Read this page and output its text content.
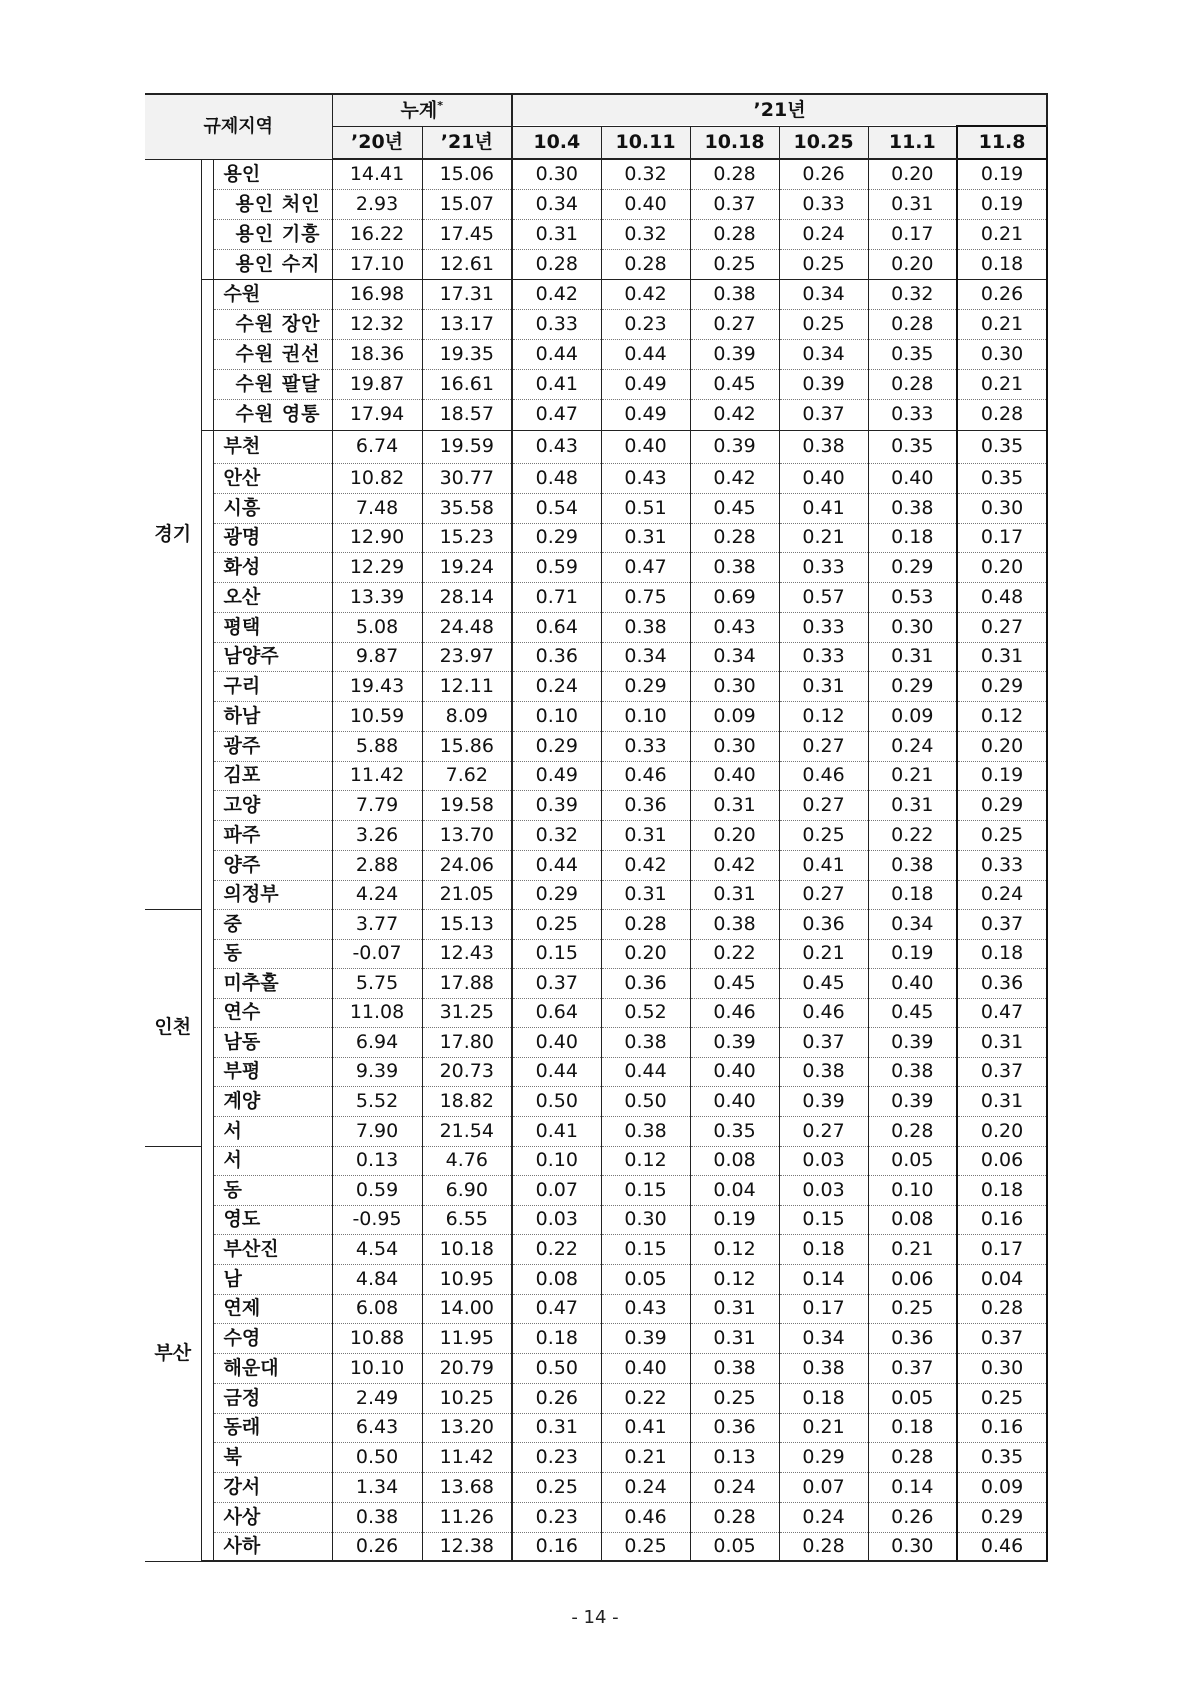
규제지역			누계*		’21년					
			’20년	’21년	10.4	10.11	10.18	10.25	11.1	11.8
경기		용인	14.41	15.06	0.30	0.32	0.28	0.26	0.20	0.19
		용인 처인	2.93	15.07	0.34	0.40	0.37	0.33	0.31	0.19
		용인 기흥	16.22	17.45	0.31	0.32	0.28	0.24	0.17	0.21
		용인 수지	17.10	12.61	0.28	0.28	0.25	0.25	0.20	0.18
		수원	16.98	17.31	0.42	0.42	0.38	0.34	0.32	0.26
		수원 장안	12.32	13.17	0.33	0.23	0.27	0.25	0.28	0.21
		수원 권선	18.36	19.35	0.44	0.44	0.39	0.34	0.35	0.30
		수원 팔달	19.87	16.61	0.41	0.49	0.45	0.39	0.28	0.21
		수원 영통	17.94	18.57	0.47	0.49	0.42	0.37	0.33	0.28
		부천	6.74	19.59	0.43	0.40	0.39	0.38	0.35	0.35
		안산	10.82	30.77	0.48	0.43	0.42	0.40	0.40	0.35
		시흥	7.48	35.58	0.54	0.51	0.45	0.41	0.38	0.30
		광명	12.90	15.23	0.29	0.31	0.28	0.21	0.18	0.17
		화성	12.29	19.24	0.59	0.47	0.38	0.33	0.29	0.20
		오산	13.39	28.14	0.71	0.75	0.69	0.57	0.53	0.48
		평택	5.08	24.48	0.64	0.38	0.43	0.33	0.30	0.27
		남양주	9.87	23.97	0.36	0.34	0.34	0.33	0.31	0.31
		구리	19.43	12.11	0.24	0.29	0.30	0.31	0.29	0.29
		하남	10.59	8.09	0.10	0.10	0.09	0.12	0.09	0.12
		광주	5.88	15.86	0.29	0.33	0.30	0.27	0.24	0.20
		김포	11.42	7.62	0.49	0.46	0.40	0.46	0.21	0.19
		고양	7.79	19.58	0.39	0.36	0.31	0.27	0.31	0.29
		파주	3.26	13.70	0.32	0.31	0.20	0.25	0.22	0.25
		양주	2.88	24.06	0.44	0.42	0.42	0.41	0.38	0.33
		의정부	4.24	21.05	0.29	0.31	0.31	0.27	0.18	0.24
인천		중	3.77	15.13	0.25	0.28	0.38	0.36	0.34	0.37
		동	-0.07	12.43	0.15	0.20	0.22	0.21	0.19	0.18
		미추홀	5.75	17.88	0.37	0.36	0.45	0.45	0.40	0.36
		연수	11.08	31.25	0.64	0.52	0.46	0.46	0.45	0.47
		남동	6.94	17.80	0.40	0.38	0.39	0.37	0.39	0.31
		부평	9.39	20.73	0.44	0.44	0.40	0.38	0.38	0.37
		계양	5.52	18.82	0.50	0.50	0.40	0.39	0.39	0.31
		서	7.90	21.54	0.41	0.38	0.35	0.27	0.28	0.20
부산		서	0.13	4.76	0.10	0.12	0.08	0.03	0.05	0.06
		동	0.59	6.90	0.07	0.15	0.04	0.03	0.10	0.18
		영도	-0.95	6.55	0.03	0.30	0.19	0.15	0.08	0.16
		부산진	4.54	10.18	0.22	0.15	0.12	0.18	0.21	0.17
		남	4.84	10.95	0.08	0.05	0.12	0.14	0.06	0.04
		연제	6.08	14.00	0.47	0.43	0.31	0.17	0.25	0.28
		수영	10.88	11.95	0.18	0.39	0.31	0.34	0.36	0.37
		해운대	10.10	20.79	0.50	0.40	0.38	0.38	0.37	0.30
		금정	2.49	10.25	0.26	0.22	0.25	0.18	0.05	0.25
		동래	6.43	13.20	0.31	0.41	0.36	0.21	0.18	0.16
		북	0.50	11.42	0.23	0.21	0.13	0.29	0.28	0.35
		강서	1.34	13.68	0.25	0.24	0.24	0.07	0.14	0.09
		사상	0.38	11.26	0.23	0.46	0.28	0.24	0.26	0.29
		사하	0.26	12.38	0.16	0.25	0.05	0.28	0.30	0.46
- 14 -
